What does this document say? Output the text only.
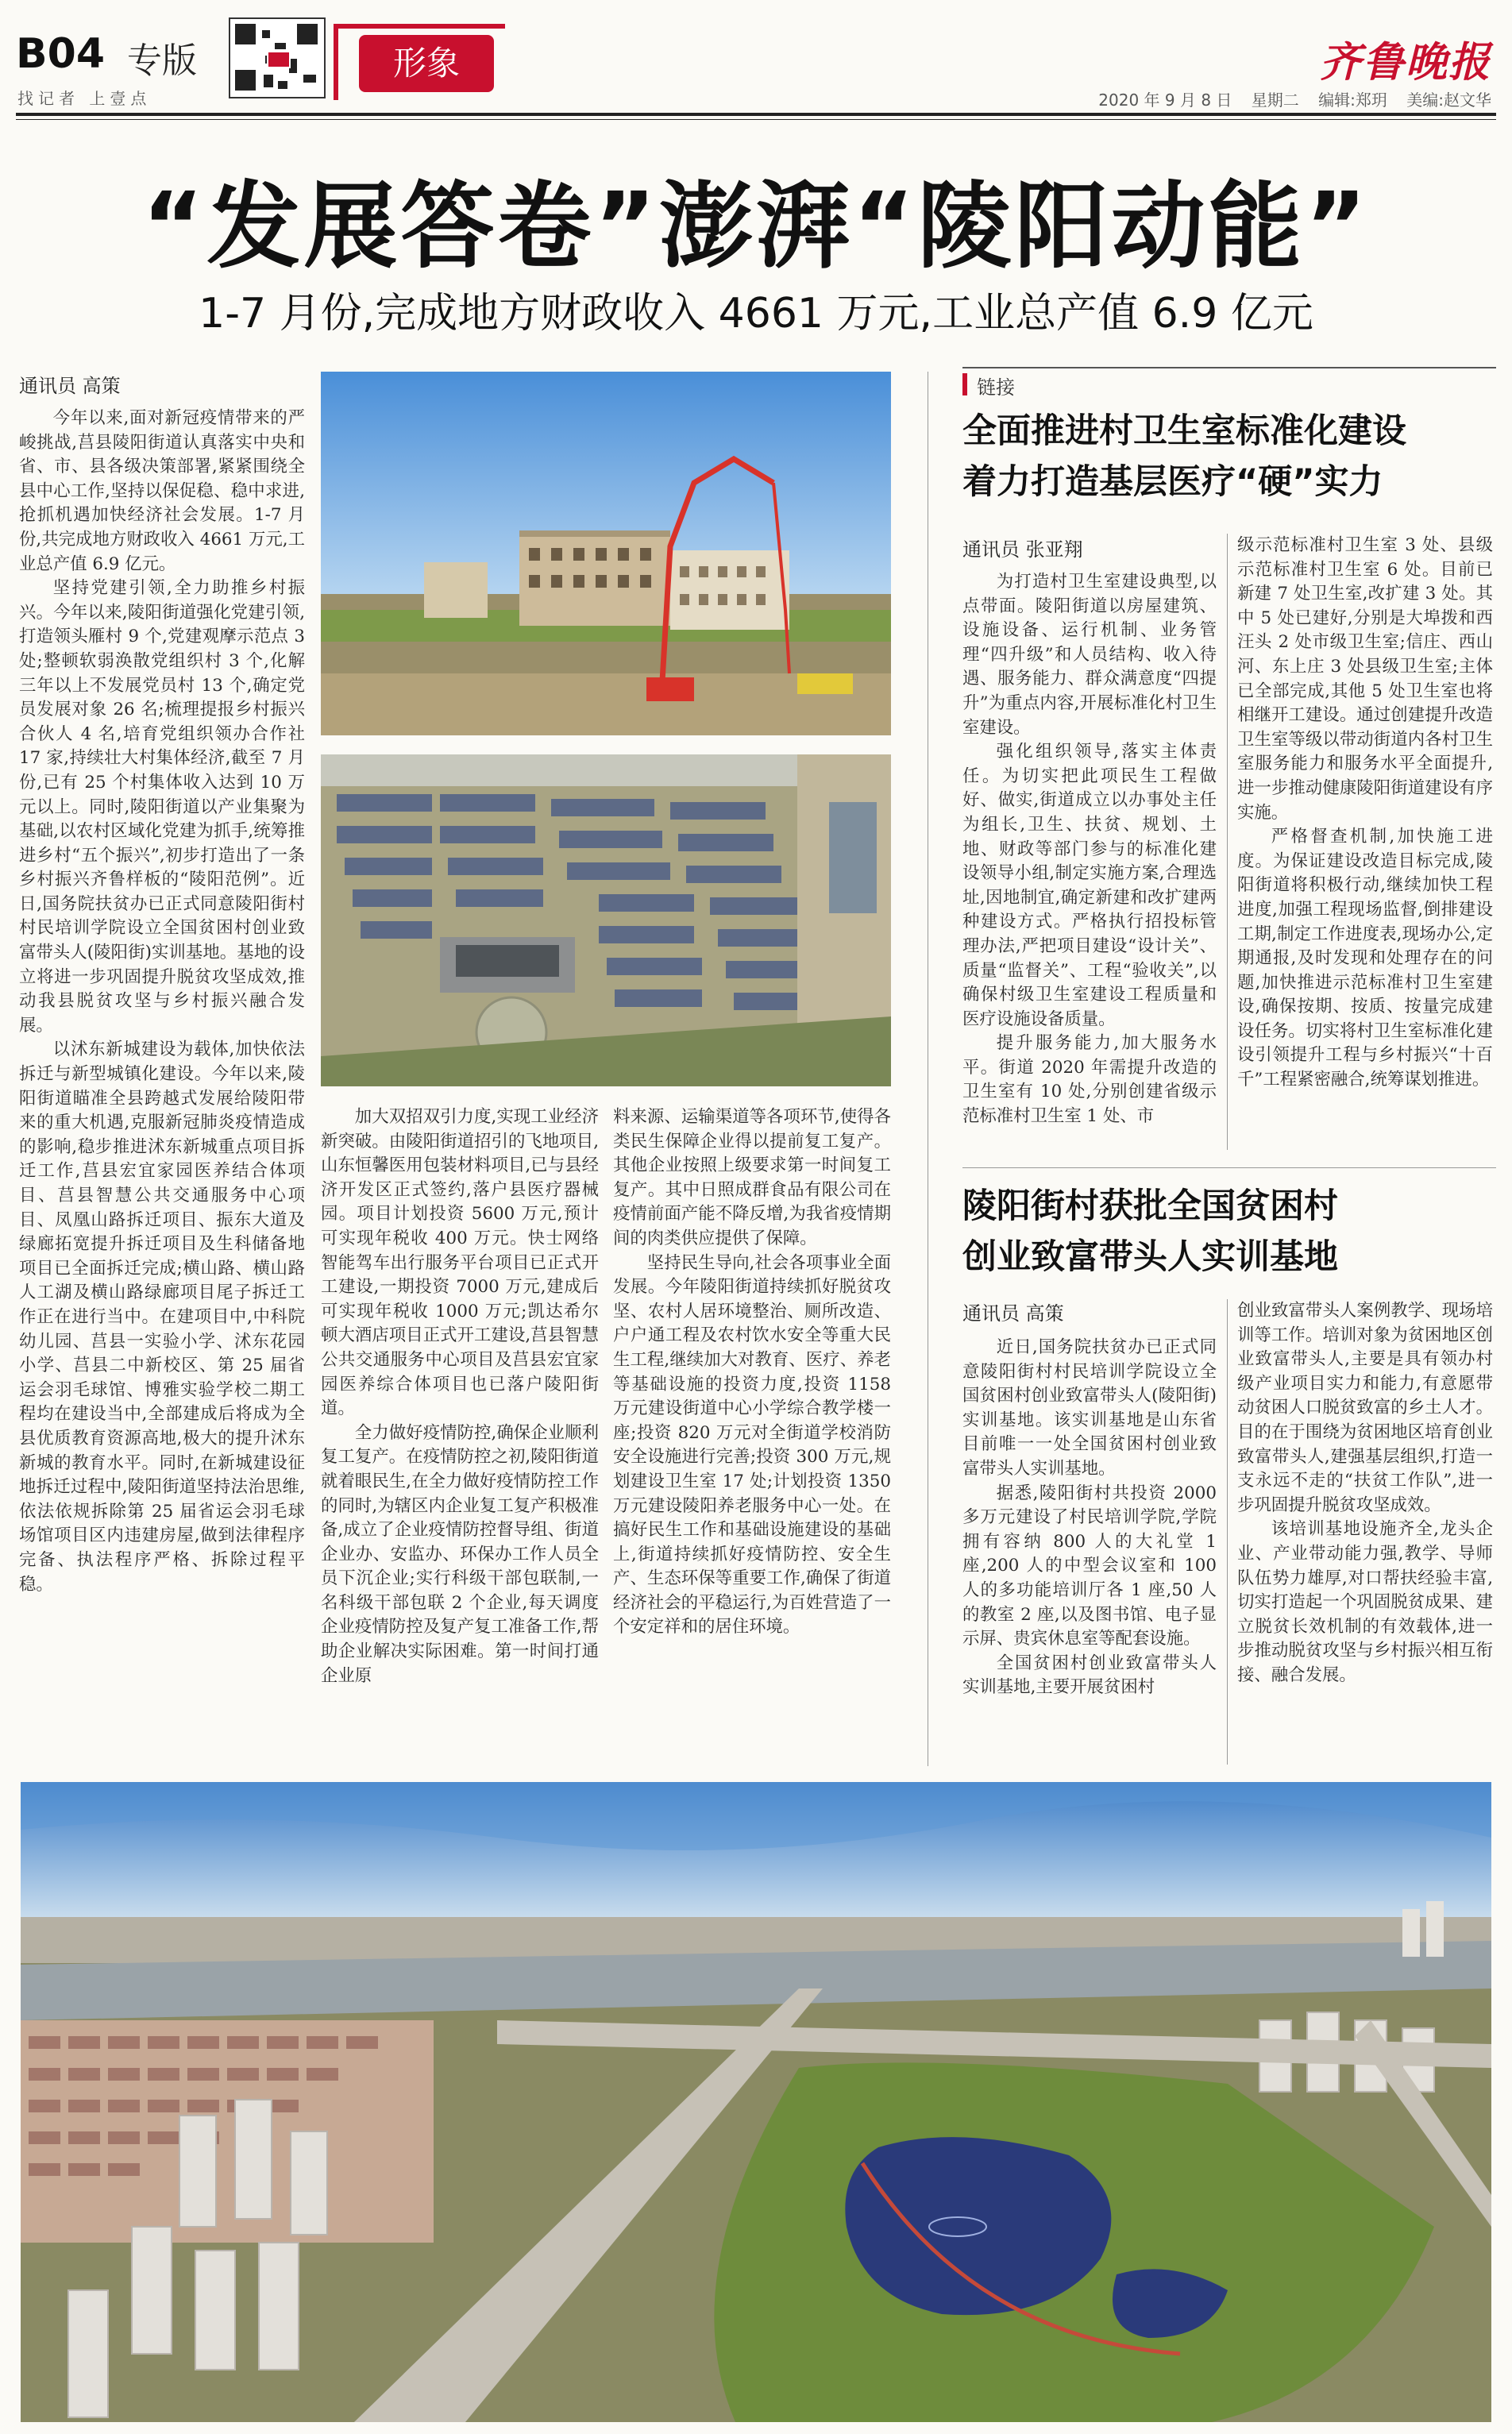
B04 专版	形象	齐鲁晚报
找记者 上壹点	2020 年 9 月 8 日 星期二 编辑:郑玥 美编:赵文华
“发展答卷”澎湃“陵阳动能”
1-7 月份,完成地方财政收入 4661 万元,工业总产值 6.9 亿元
通讯员 高策

今年以来,面对新冠疫情带来的严峻挑战,莒县陵阳街道认真落实中央和省、市、县各级决策部署,紧紧围绕全县中心工作,坚持以保促稳、稳中求进,抢抓机遇加快经济社会发展。1-7 月份,共完成地方财政收入 4661 万元,工业总产值 6.9 亿元。

坚持党建引领,全力助推乡村振兴。今年以来,陵阳街道强化党建引领,打造领头雁村 9 个,党建观摩示范点 3 处;整顿软弱涣散党组织村 3 个,化解三年以上不发展党员村 13 个,确定党员发展对象 26 名;梳理提报乡村振兴合伙人 4 名,培育党组织领办合作社 17 家,持续壮大村集体经济,截至 7 月份,已有 25 个村集体收入达到 10 万元以上。同时,陵阳街道以产业集聚为基础,以农村区域化党建为抓手,统筹推进乡村“五个振兴”,初步打造出了一条乡村振兴齐鲁样板的“陵阳范例”。近日,国务院扶贫办已正式同意陵阳街村村民培训学院设立全国贫困村创业致富带头人(陵阳街)实训基地。基地的设立将进一步巩固提升脱贫攻坚成效,推动我县脱贫攻坚与乡村振兴融合发展。

以沭东新城建设为载体,加快依法拆迁与新型城镇化建设。今年以来,陵阳街道瞄准全县跨越式发展给陵阳带来的重大机遇,克服新冠肺炎疫情造成的影响,稳步推进沭东新城重点项目拆迁工作,莒县宏宜家园医养结合体项目、莒县智慧公共交通服务中心项目、凤凰山路拆迁项目、振东大道及绿廊拓宽提升拆迁项目及生科储备地项目已全面拆迁完成;横山路、横山路人工湖及横山路绿廊项目尾子拆迁工作正在进行当中。在建项目中,中科院幼儿园、莒县一实验小学、沭东花园小学、莒县二中新校区、第 25 届省运会羽毛球馆、博雅实验学校二期工程均在建设当中,全部建成后将成为全县优质教育资源高地,极大的提升沭东新城的教育水平。同时,在新城建设征地拆迁过程中,陵阳街道坚持法治思维,依法依规拆除第 25 届省运会羽毛球场馆项目区内违建房屋,做到法律程序完备、执法程序严格、拆除过程平稳。

加大双招双引力度,实现工业经济新突破。由陵阳街道招引的飞地项目,山东恒馨医用包装材料项目,已与县经济开发区正式签约,落户县医疗器械园。项目计划投资 5600 万元,预计可实现年税收 400 万元。快士网络智能驾车出行服务平台项目已正式开工建设,一期投资 7000 万元,建成后可实现年税收 1000 万元;凯达希尔顿大酒店项目正式开工建设,莒县智慧公共交通服务中心项目及莒县宏宜家园医养综合体项目也已落户陵阳街道。

全力做好疫情防控,确保企业顺利复工复产。在疫情防控之初,陵阳街道就着眼民生,在全力做好疫情防控工作的同时,为辖区内企业复工复产积极准备,成立了企业疫情防控督导组、街道企业办、安监办、环保办工作人员全员下沉企业;实行科级干部包联制,一名科级干部包联 2 个企业,每天调度企业疫情防控及复产复工准备工作,帮助企业解决实际困难。第一时间打通企业原

料来源、运输渠道等各项环节,使得各类民生保障企业得以提前复工复产。其他企业按照上级要求第一时间复工复产。其中日照成群食品有限公司在疫情前面产能不降反增,为我省疫情期间的肉类供应提供了保障。

坚持民生导向,社会各项事业全面发展。今年陵阳街道持续抓好脱贫攻坚、农村人居环境整治、厕所改造、户户通工程及农村饮水安全等重大民生工程,继续加大对教育、医疗、养老等基础设施的投资力度,投资 1158 万元建设街道中心小学综合教学楼一座;投资 820 万元对全街道学校消防安全设施进行完善;投资 300 万元,规划建设卫生室 17 处;计划投资 1350 万元建设陵阳养老服务中心一处。在搞好民生工作和基础设施建设的基础上,街道持续抓好疫情防控、安全生产、生态环保等重要工作,确保了街道经济社会的平稳运行,为百姓营造了一个安定祥和的居住环境。

链接
全面推进村卫生室标准化建设
着力打造基层医疗“硬”实力
通讯员 张亚翔

为打造村卫生室建设典型,以点带面。陵阳街道以房屋建筑、设施设备、运行机制、业务管理“四升级”和人员结构、收入待遇、服务能力、群众满意度“四提升”为重点内容,开展标准化村卫生室建设。

强化组织领导,落实主体责任。为切实把此项民生工程做好、做实,街道成立以办事处主任为组长,卫生、扶贫、规划、土地、财政等部门参与的标准化建设领导小组,制定实施方案,合理选址,因地制宜,确定新建和改扩建两种建设方式。严格执行招投标管理办法,严把项目建设“设计关”、质量“监督关”、工程“验收关”,以确保村级卫生室建设工程质量和医疗设施设备质量。

提升服务能力,加大服务水平。街道 2020 年需提升改造的卫生室有 10 处,分别创建省级示范标准村卫生室 1 处、市

级示范标准村卫生室 3 处、县级示范标准村卫生室 6 处。目前已新建 7 处卫生室,改扩建 3 处。其中 5 处已建好,分别是大埠拨和西汪头 2 处市级卫生室;信庄、西山河、东上庄 3 处县级卫生室;主体已全部完成,其他 5 处卫生室也将相继开工建设。通过创建提升改造卫生室等级以带动街道内各村卫生室服务能力和服务水平全面提升,进一步推动健康陵阳街道建设有序实施。

严格督查机制,加快施工进度。为保证建设改造目标完成,陵阳街道将积极行动,继续加快工程进度,加强工程现场监督,倒排建设工期,制定工作进度表,现场办公,定期通报,及时发现和处理存在的问题,加快推进示范标准村卫生室建设,确保按期、按质、按量完成建设任务。切实将村卫生室标准化建设引领提升工程与乡村振兴“十百千”工程紧密融合,统筹谋划推进。

陵阳街村获批全国贫困村
创业致富带头人实训基地
通讯员 高策

近日,国务院扶贫办已正式同意陵阳街村村民培训学院设立全国贫困村创业致富带头人(陵阳街)实训基地。该实训基地是山东省目前唯一一处全国贫困村创业致富带头人实训基地。

据悉,陵阳街村共投资 2000 多万元建设了村民培训学院,学院拥有容纳 800 人的大礼堂 1 座,200 人的中型会议室和 100 人的多功能培训厅各 1 座,50 人的教室 2 座,以及图书馆、电子显示屏、贵宾休息室等配套设施。

全国贫困村创业致富带头人实训基地,主要开展贫困村

创业致富带头人案例教学、现场培训等工作。培训对象为贫困地区创业致富带头人,主要是具有领办村级产业项目实力和能力,有意愿带动贫困人口脱贫致富的乡土人才。目的在于围绕为贫困地区培育创业致富带头人,建强基层组织,打造一支永远不走的“扶贫工作队”,进一步巩固提升脱贫攻坚成效。

该培训基地设施齐全,龙头企业、产业带动能力强,教学、导师队伍势力雄厚,对口帮扶经验丰富,切实打造起一个巩固脱贫成果、建立脱贫长效机制的有效载体,进一步推动脱贫攻坚与乡村振兴相互衔接、融合发展。
